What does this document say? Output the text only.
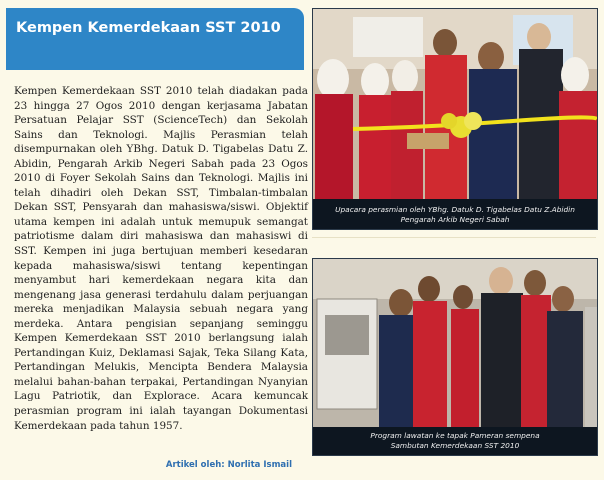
Kempen Kemerdekaan SST 2010

Kempen Kemerdekaan SST 2010 telah diadakan pada 23 hingga 27 Ogos 2010 dengan kerjasama Jabatan Persatuan Pelajar SST (ScienceTech) dan Sekolah Sains dan Teknologi. Majlis Perasmian telah disempurnakan oleh YBhg. Datuk D. Tigabelas Datu Z. Abidin, Pengarah Arkib Negeri Sabah pada 23 Ogos 2010 di Foyer Sekolah Sains dan Teknologi. Majlis ini telah dihadiri oleh Dekan SST, Timbalan-timbalan Dekan SST, Pensyarah dan mahasiswa/siswi. Objektif utama kempen ini adalah untuk memupuk semangat patriotisme dalam diri mahasiswa dan mahasiswi di SST. Kempen ini juga bertujuan memberi kesedaran kepada mahasiswa/siswi tentang kepentingan menyambut hari kemerdekaan negara kita dan mengenang jasa generasi terdahulu dalam perjuangan mereka menjadikan Malaysia sebuah negara yang merdeka. Antara pengisian sepanjang seminggu Kempen Kemerdekaan SST 2010 berlangsung ialah Pertandingan Kuiz, Deklamasi Sajak, Teka Silang Kata, Pertandingan Melukis, Mencipta Bendera Malaysia melalui bahan-bahan terpakai, Pertandingan Nyanyian Lagu Patriotik, dan Explorace. Acara kemuncak perasmian program ini ialah tayangan Dokumentasi Kemerdekaan pada tahun 1957.

Artikel oleh: Norlita Ismail
Upacara perasmian oleh YBhg. Datuk D. Tigabelas Datu Z.Abidin
Pengarah Arkib Negeri Sabah
Program lawatan ke tapak Pameran sempena
Sambutan Kemerdekaan SST 2010
